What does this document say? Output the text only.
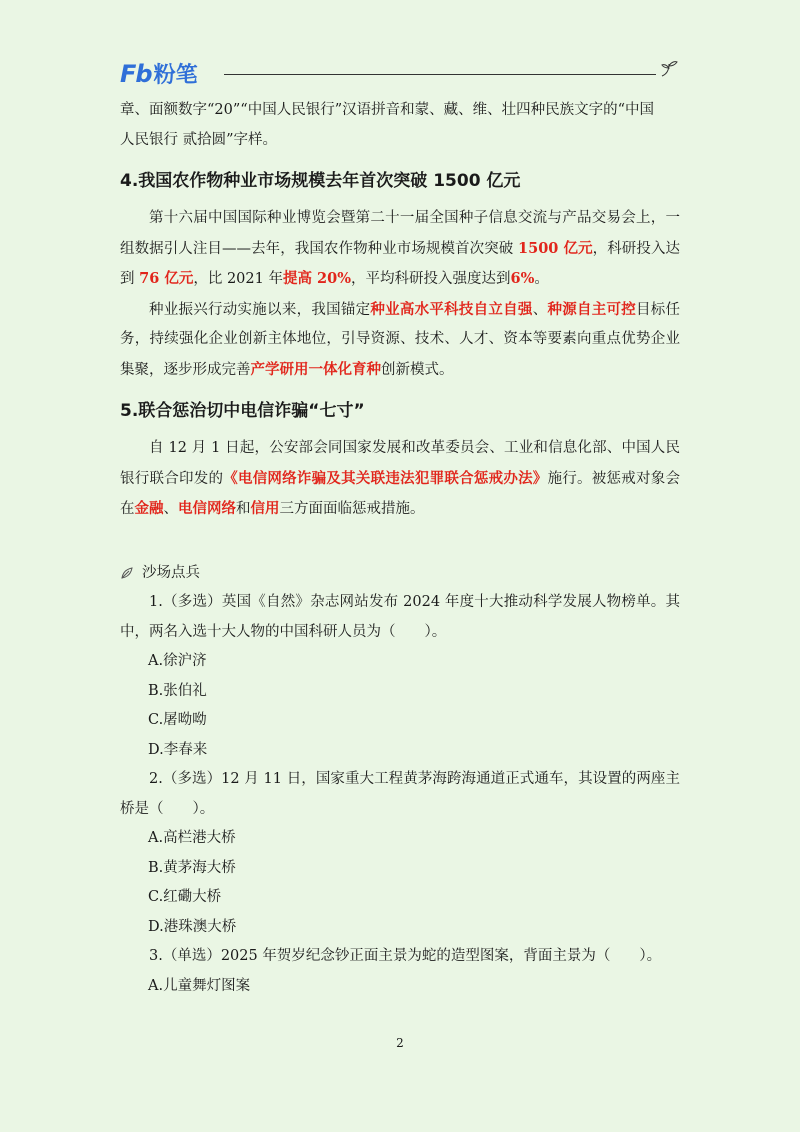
Fb 粉笔

章、面额数字“20”“中国人民银行”汉语拼音和蒙、藏、维、壮四种民族文字的“中国
人民银行 贰拾圆”字样。

4.我国农作物种业市场规模去年首次突破 1500 亿元

第十六届中国国际种业博览会暨第二十一届全国种子信息交流与产品交易会上，一组数据引人注目——去年，我国农作物种业市场规模首次突破 1500 亿元，科研投入达到 76 亿元，比 2021 年提高 20%，平均科研投入强度达到6%。

种业振兴行动实施以来，我国锚定种业高水平科技自立自强、种源自主可控目标任务，持续强化企业创新主体地位，引导资源、技术、人才、资本等要素向重点优势企业集聚，逐步形成完善产学研用一体化育种创新模式。

5.联合惩治切中电信诈骗“七寸”

自 12 月 1 日起，公安部会同国家发展和改革委员会、工业和信息化部、中国人民银行联合印发的《电信网络诈骗及其关联违法犯罪联合惩戒办法》施行。被惩戒对象会在金融、电信网络和信用三方面面临惩戒措施。

沙场点兵

1.（多选）英国《自然》杂志网站发布 2024 年度十大推动科学发展人物榜单。其中，两名入选十大人物的中国科研人员为（　　）。

A.徐沪济

B.张伯礼

C.屠呦呦

D.李春来

2.（多选）12 月 11 日，国家重大工程黄茅海跨海通道正式通车，其设置的两座主桥是（　　）。

A.高栏港大桥

B.黄茅海大桥

C.红磡大桥

D.港珠澳大桥

3.（单选）2025 年贺岁纪念钞正面主景为蛇的造型图案，背面主景为（　　）。

A.儿童舞灯图案

2
